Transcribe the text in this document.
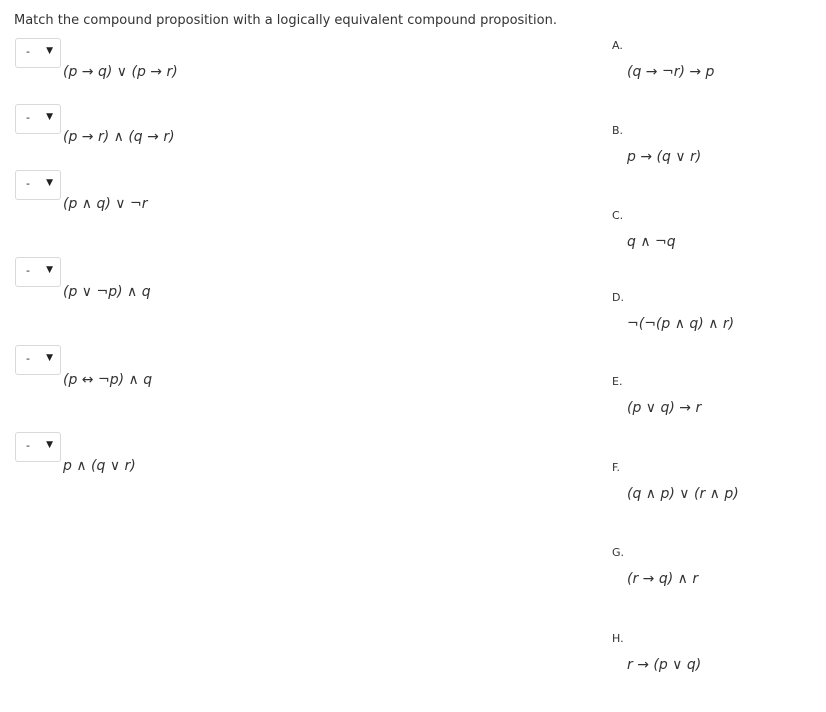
Match the compound proposition with a logically equivalent compound proposition.
- ▼
(p → q) ∨ (p → r)
- ▼
(p → r) ∧ (q → r)
- ▼
(p ∧ q) ∨ ¬r
- ▼
(p ∨ ¬p) ∧ q
- ▼
(p ↔ ¬p) ∧ q
- ▼
p ∧ (q ∨ r)
A.
(q → ¬r) → p
B.
p → (q ∨ r)
C.
q ∧ ¬q
D.
¬(¬(p ∧ q) ∧ r)
E.
(p ∨ q) → r
F.
(q ∧ p) ∨ (r ∧ p)
G.
(r → q) ∧ r
H.
r → (p ∨ q)
